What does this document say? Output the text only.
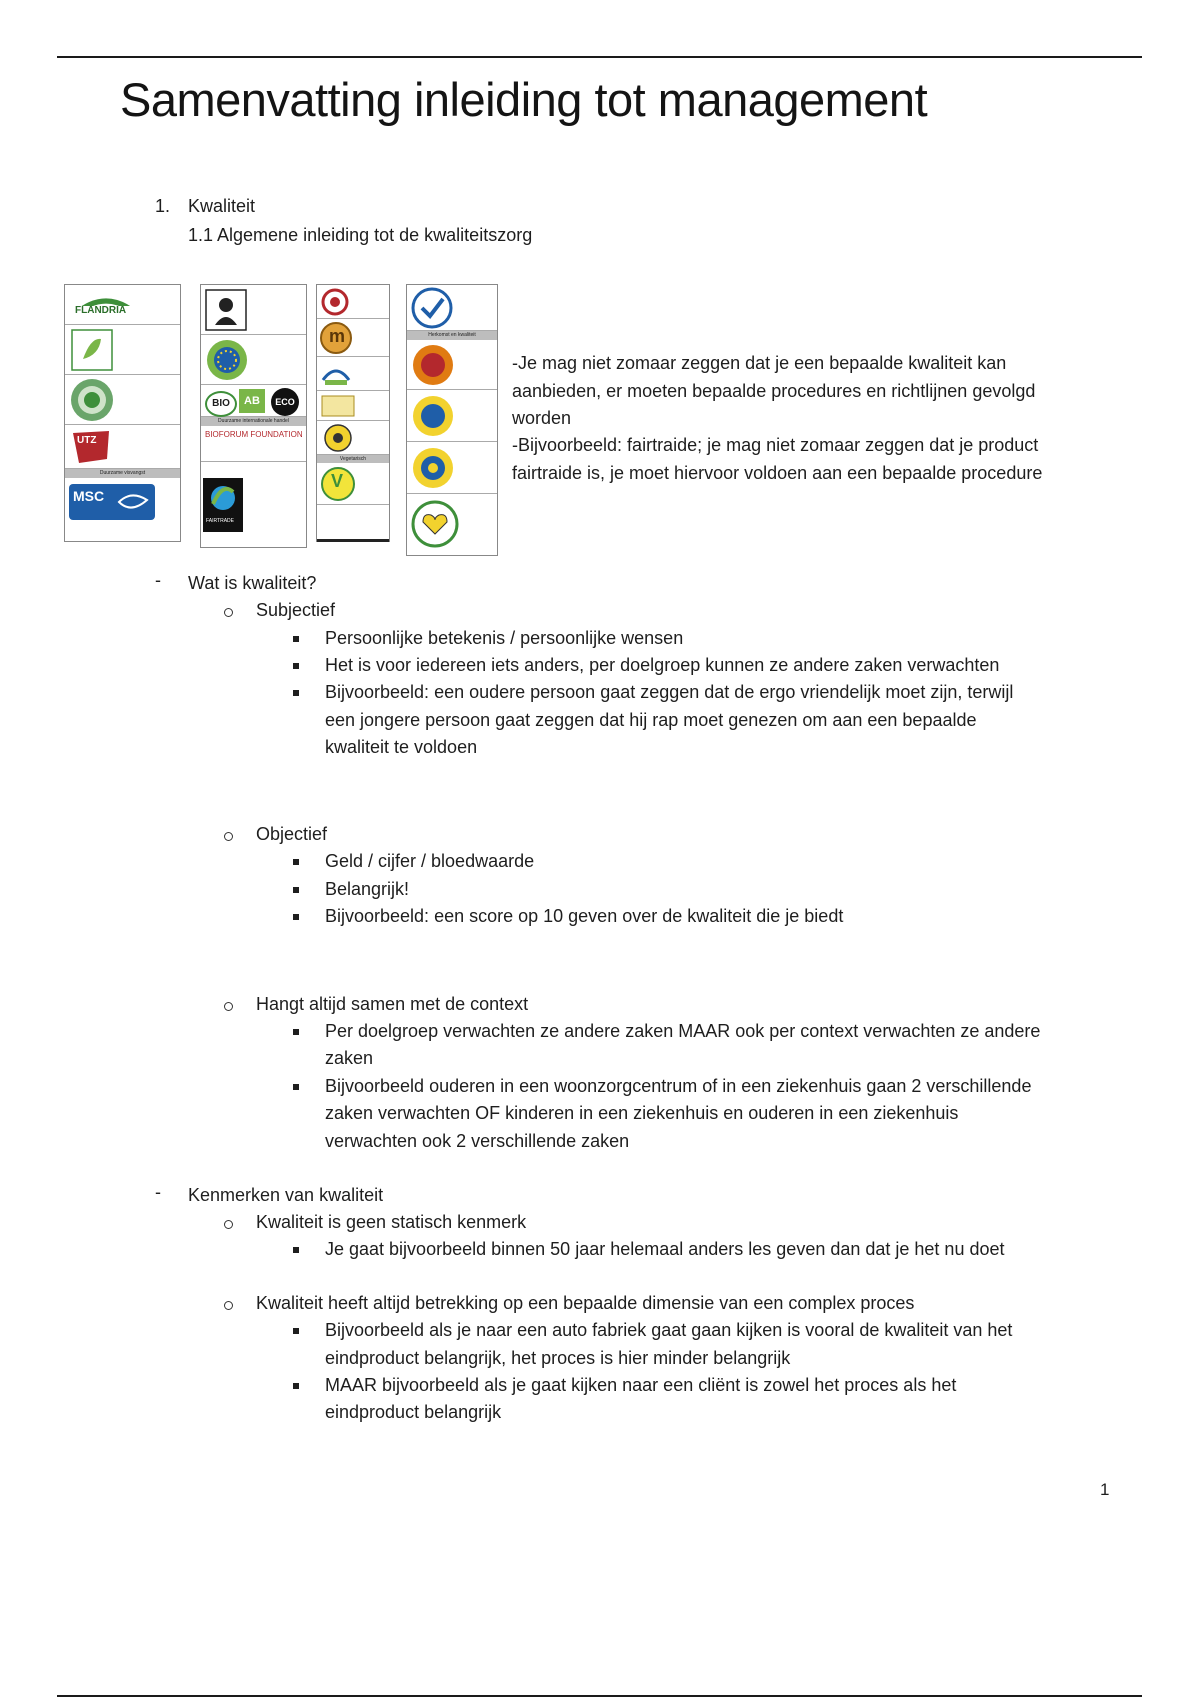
Samenvatting inleiding tot management
1. Kwaliteit
1.1 Algemene inleiding tot de kwaliteitszorg
FLANDRIA
UTZ
Duurzame visvangst
MSC
BIO	AB	ECO
Duurzame internationale handel
BIOFORUM FOUNDATION
FAIRTRADE
m
Vegetarisch
V
Herkomst en kwaliteit
-Je mag niet zomaar zeggen dat je een bepaalde kwaliteit kan
aanbieden, er moeten bepaalde procedures en richtlijnen gevolgd
worden
-Bijvoorbeeld: fairtraide; je mag niet zomaar zeggen dat je product
fairtraide is, je moet hiervoor voldoen aan een bepaalde procedure
- Wat is kwaliteit?
Subjectief
Persoonlijke betekenis / persoonlijke wensen
Het is voor iedereen iets anders, per doelgroep kunnen ze andere zaken verwachten
Bijvoorbeeld: een oudere persoon gaat zeggen dat de ergo vriendelijk moet zijn, terwijl
een jongere persoon gaat zeggen dat hij rap moet genezen om aan een bepaalde
kwaliteit te voldoen
Objectief
Geld / cijfer / bloedwaarde
Belangrijk!
Bijvoorbeeld: een score op 10 geven over de kwaliteit die je biedt
Hangt altijd samen met de context
Per doelgroep verwachten ze andere zaken MAAR ook per context verwachten ze andere
zaken
Bijvoorbeeld ouderen in een woonzorgcentrum of in een ziekenhuis gaan 2 verschillende
zaken verwachten OF kinderen in een ziekenhuis en ouderen in een ziekenhuis
verwachten ook 2 verschillende zaken
- Kenmerken van kwaliteit
Kwaliteit is geen statisch kenmerk
Je gaat bijvoorbeeld binnen 50 jaar helemaal anders les geven dan dat je het nu doet
Kwaliteit heeft altijd betrekking op een bepaalde dimensie van een complex proces
Bijvoorbeeld als je naar een auto fabriek gaat gaan kijken is vooral de kwaliteit van het
eindproduct belangrijk, het proces is hier minder belangrijk
MAAR bijvoorbeeld als je gaat kijken naar een cliënt is zowel het proces als het
eindproduct belangrijk
1
